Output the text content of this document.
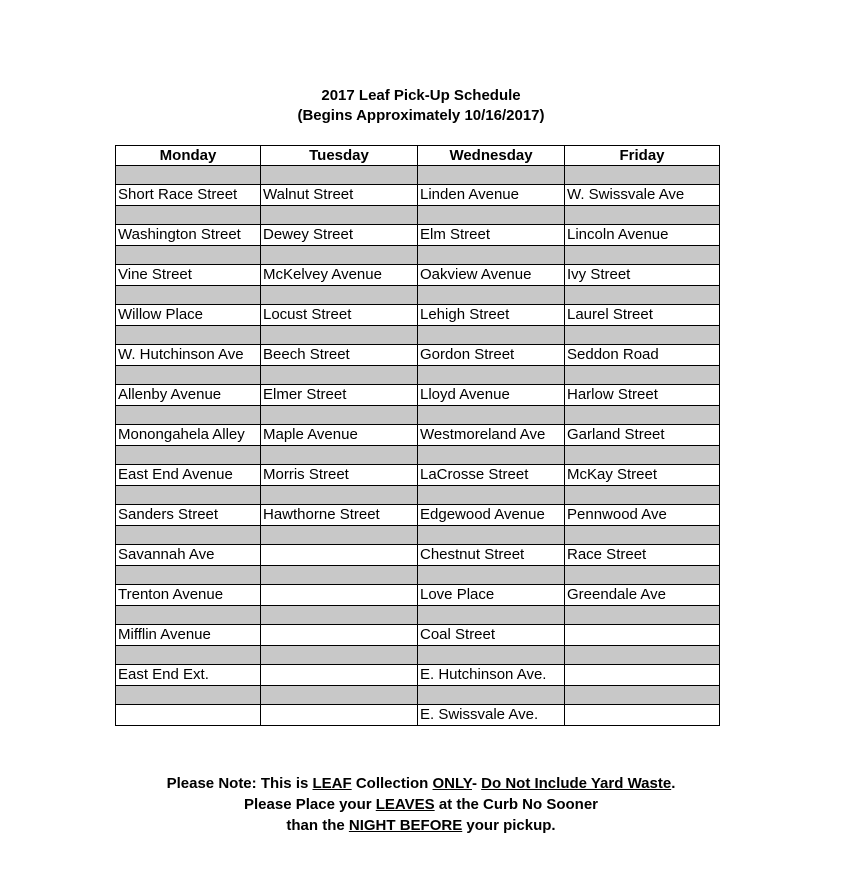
2017 Leaf Pick-Up Schedule
(Begins Approximately 10/16/2017)
Monday	Tuesday	Wednesday	Friday

Short Race Street	Walnut Street	Linden Avenue	W. Swissvale Ave

Washington Street	Dewey Street	Elm Street	Lincoln Avenue

Vine Street	McKelvey Avenue	Oakview Avenue	Ivy Street

Willow Place	Locust Street	Lehigh Street	Laurel Street

W. Hutchinson Ave	Beech Street	Gordon Street	Seddon Road

Allenby Avenue	Elmer Street	Lloyd Avenue	Harlow Street

Monongahela Alley	Maple Avenue	Westmoreland Ave	Garland Street

East End Avenue	Morris Street	LaCrosse Street	McKay Street

Sanders Street	Hawthorne Street	Edgewood Avenue	Pennwood Ave

Savannah Ave		Chestnut Street	Race Street

Trenton Avenue		Love Place	Greendale Ave

Mifflin Avenue		Coal Street	

East End Ext.		E. Hutchinson Ave.	

		E. Swissvale Ave.	
Please Note: This is LEAF Collection ONLY- Do Not Include Yard Waste.
Please Place your LEAVES at the Curb No Sooner
than the NIGHT BEFORE your pickup.
